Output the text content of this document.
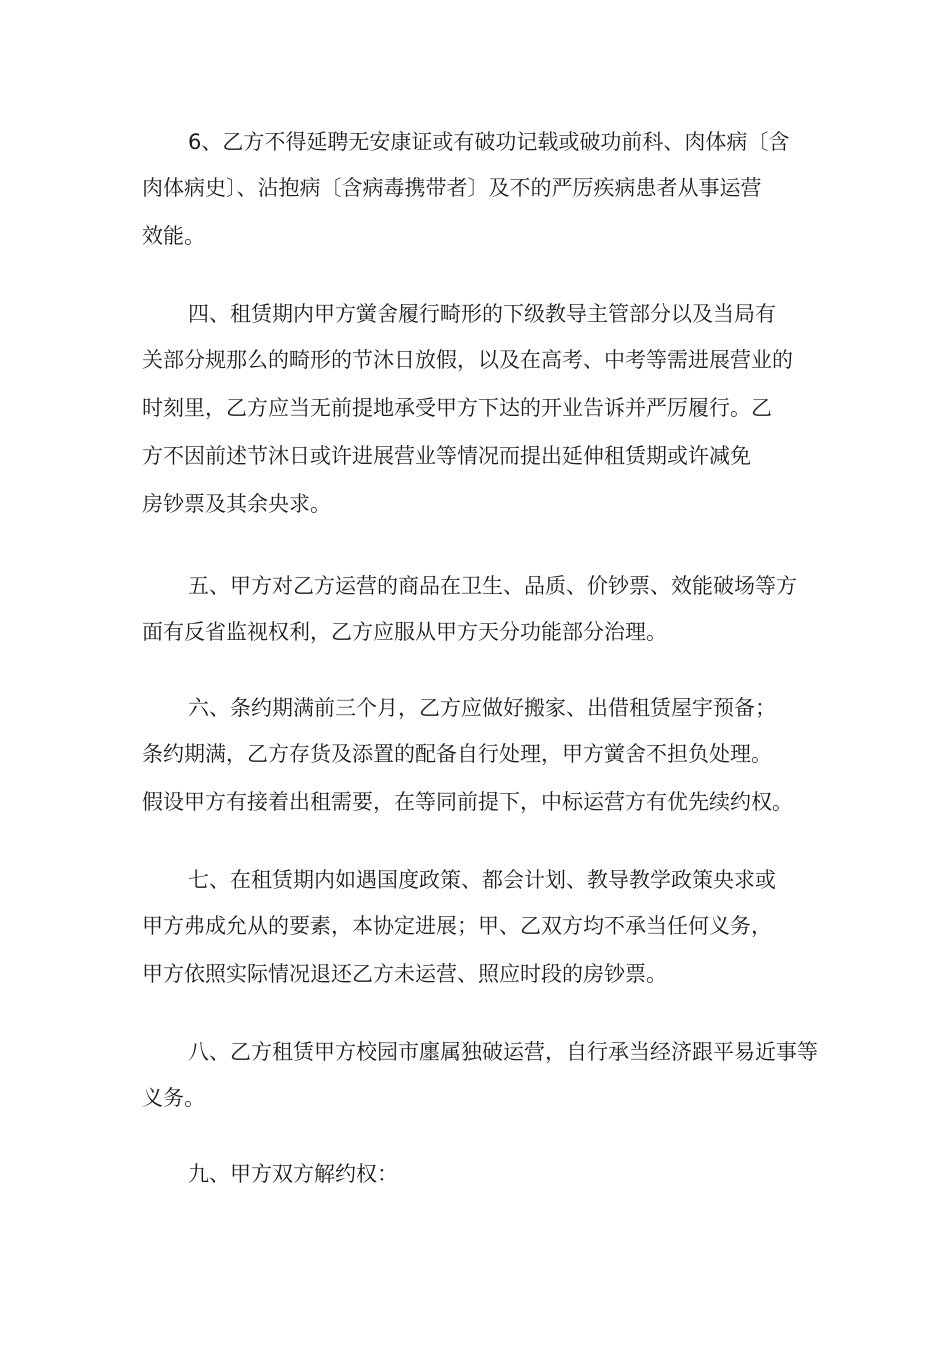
6、乙方不得延聘无安康证或有破功记载或破功前科、肉体病〔含

肉体病史〕、沾抱病〔含病毒携带者〕及不的严厉疾病患者从事运营

效能。

四、租赁期内甲方黉舍履行畸形的下级教导主管部分以及当局有

关部分规那么的畸形的节沐日放假，以及在高考、中考等需进展营业的

时刻里，乙方应当无前提地承受甲方下达的开业告诉并严厉履行。乙

方不因前述节沐日或许进展营业等情况而提出延伸租赁期或许减免

房钞票及其余央求。

五、甲方对乙方运营的商品在卫生、品质、价钞票、效能破场等方

面有反省监视权利，乙方应服从甲方天分功能部分治理。

六、条约期满前三个月，乙方应做好搬家、出借租赁屋宇预备；

条约期满，乙方存货及添置的配备自行处理，甲方黉舍不担负处理。

假设甲方有接着出租需要，在等同前提下，中标运营方有优先续约权。

七、在租赁期内如遇国度政策、都会计划、教导教学政策央求或

甲方弗成允从的要素，本协定进展；甲、乙双方均不承当任何义务，

甲方依照实际情况退还乙方未运营、照应时段的房钞票。

八、乙方租赁甲方校园市廛属独破运营，自行承当经济跟平易近事等

义务。

九、甲方双方解约权：
